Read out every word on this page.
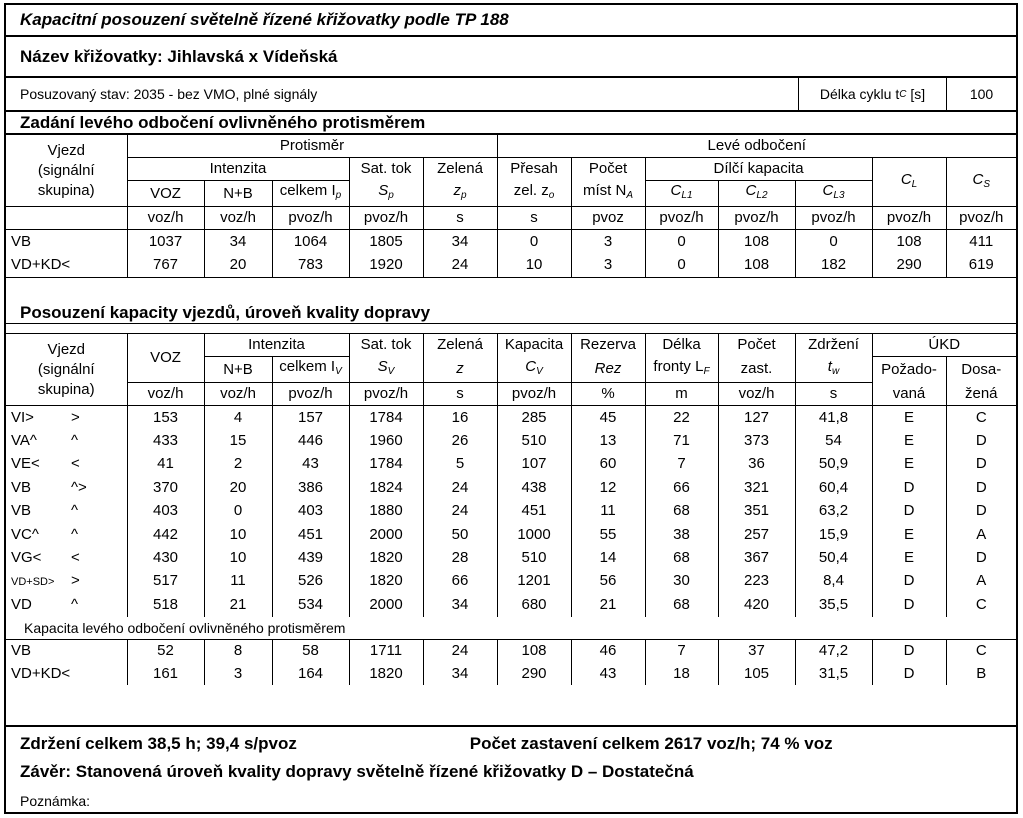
Kapacitní posouzení světelně řízené křižovatky podle TP 188
Název křižovatky: Jihlavská x Vídeňská
Posuzovaný stav: 2035 - bez VMO, plné signály	Délka cyklu t C
[s]	100
Zadání levého odbočení ovlivněného protisměrem
Vjezd
(signální
skupina)	Protisměr					Levé odbočení						
	Intenzita			Sat. tok	Zelená	Přesah	Počet	Dílčí kapacita			$C_L$	$C_S$
	VOZ	N+B	celkem $I_p$	$S_p$	$z_p$	zel. $z_o$	míst $N_A$	$C_{L1}$	$C_{L2}$	$C_{L3}$
	voz/h	voz/h	pvoz/h	pvoz/h	s	s	pvoz	pvoz/h	pvoz/h	pvoz/h	pvoz/h	pvoz/h
VB	1037	34	1064	1805	34	0	3	0	108	0	108	411
VD+KD<	767	20	783	1920	24	10	3	0	108	182	290	619
Posouzení kapacity vjezdů, úroveň kvality dopravy
Vjezd
(signální
skupina)	VOZ	Intenzita		Sat. tok	Zelená	Kapacita	Rezerva	Délka	Počet	Zdržení	ÚKD	
		N+B	celkem $I_V$	$S_V$	z	$C_V$	Rez	fronty $L_F$	zast.	$t_w$	Požado-	Dosa-
	voz/h	voz/h	pvoz/h	pvoz/h	s	pvoz/h	%	m	voz/h	s	vaná	žená
VI> >	153	4	157	1784	16	285	45	22	127	41,8	E	C
VA^ ^	433	15	446	1960	26	510	13	71	373	54	E	D
VE< <	41	2	43	1784	5	107	60	7	36	50,9	E	D
VB ^>	370	20	386	1824	24	438	12	66	321	60,4	D	D
VB ^	403	0	403	1880	24	451	11	68	351	63,2	D	D
VC^ ^	442	10	451	2000	50	1000	55	38	257	15,9	E	A
VG< <	430	10	439	1820	28	510	14	68	367	50,4	E	D
VD+SD> >	517	11	526	1820	66	1201	56	30	223	8,4	D	A
VD ^	518	21	534	2000	34	680	21	68	420	35,5	D	C
Kapacita levého odbočení ovlivněného protisměrem												
VB	52	8	58	1711	24	108	46	7	37	47,2	D	C
VD+KD<	161	3	164	1820	34	290	43	18	105	31,5	D	B
Zdržení celkem 38,5 h; 39,4 s/pvoz	Počet zastavení celkem 2617 voz/h; 74 % voz
Závěr: Stanovená úroveň kvality dopravy světelně řízené křižovatky D – Dostatečná
Poznámka:
